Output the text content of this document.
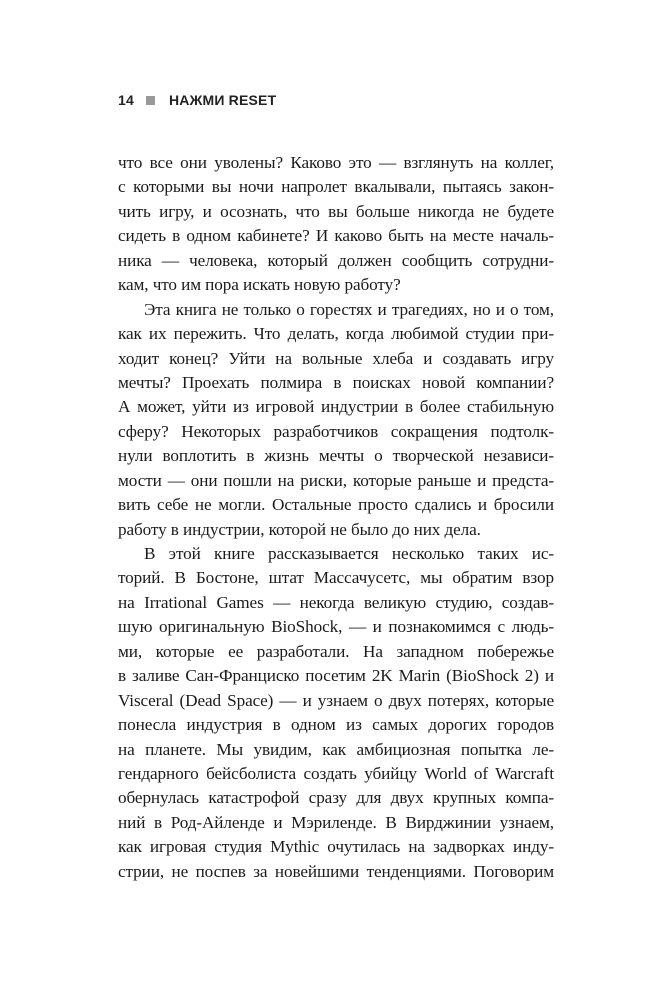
14	НАЖМИ RESET
что все они уволены? Каково это — взглянуть на коллег,
с которыми вы ночи напролет вкалывали, пытаясь закон-
чить игру, и осознать, что вы больше никогда не будете
сидеть в одном кабинете? И каково быть на месте началь-
ника — человека, который должен сообщить сотрудни-
кам, что им пора искать новую работу?
Эта книга не только о горестях и трагедиях, но и о том,
как их пережить. Что делать, когда любимой студии при-
ходит конец? Уйти на вольные хлеба и создавать игру
мечты? Проехать полмира в поисках новой компании?
А может, уйти из игровой индустрии в более стабильную
сферу? Некоторых разработчиков сокращения подтолк-
нули воплотить в жизнь мечты о творческой независи-
мости — они пошли на риски, которые раньше и предста-
вить себе не могли. Остальные просто сдались и бросили
работу в индустрии, которой не было до них дела.
В этой книге рассказывается несколько таких ис-
торий. В Бостоне, штат Массачусетс, мы обратим взор
на Irrational Games — некогда великую студию, создав-
шую оригинальную BioShock, — и познакомимся с людь-
ми, которые ее разработали. На западном побережье
в заливе Сан-Франциско посетим 2K Marin (BioShock 2) и
Visceral (Dead Space) — и узнаем о двух потерях, которые
понесла индустрия в одном из самых дорогих городов
на планете. Мы увидим, как амбициозная попытка ле-
гендарного бейсболиста создать убийцу World of Warcraft
обернулась катастрофой сразу для двух крупных компа-
ний в Род-Айленде и Мэриленде. В Вирджинии узнаем,
как игровая студия Mythic очутилась на задворках инду-
стрии, не поспев за новейшими тенденциями. Поговорим
